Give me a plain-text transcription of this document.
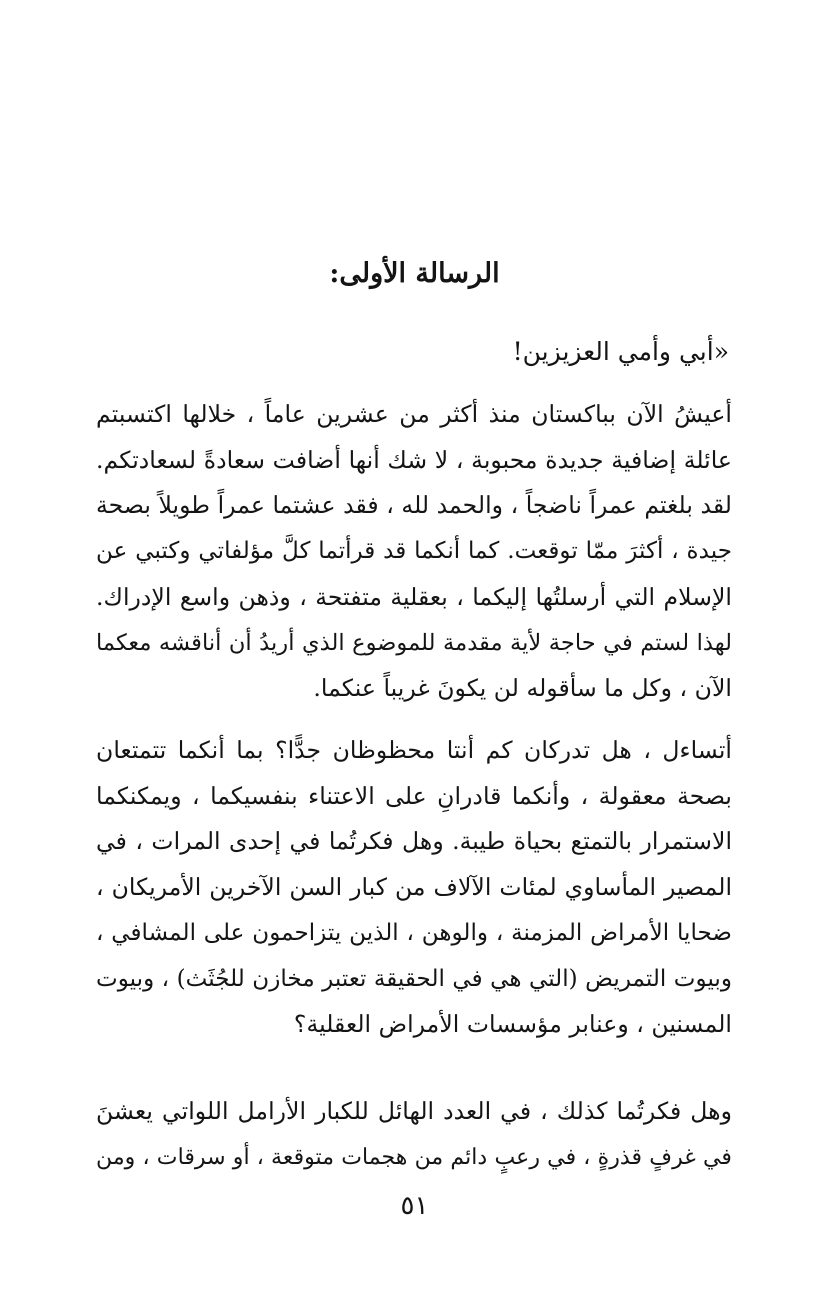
الرسالة الأولى:

«أبي وأمي العزيزين!

أعيشُ الآن بباكستان منذ أكثر من عشرين عاماً ، خلالها اكتسبتم
عائلة إضافية جديدة محبوبة ، لا شك أنها أضافت سعادةً لسعادتكم.
لقد بلغتم عمراً ناضجاً ، والحمد لله ، فقد عشتما عمراً طويلاً بصحة
جيدة ، أكثرَ ممّا توقعت. كما أنكما قد قرأتما كلَّ مؤلفاتي وكتبي عن
الإسلام التي أرسلتُها إليكما ، بعقلية متفتحة ، وذهن واسع الإدراك.
لهذا لستم في حاجة لأية مقدمة للموضوع الذي أريدُ أن أناقشه معكما
الآن ، وكل ما سأقوله لن يكونَ غريباً عنكما.

أتساءل ، هل تدركان كم أنتا محظوظان جدًّا؟ بما أنكما تتمتعان
بصحة معقولة ، وأنكما قادرانِ على الاعتناء بنفسيكما ، ويمكنكما
الاستمرار بالتمتع بحياة طيبة. وهل فكرتُما في إحدى المرات ، في
المصير المأساوي لمئات الآلاف من كبار السن الآخرين الأمريكان ،
ضحايا الأمراض المزمنة ، والوهن ، الذين يتزاحمون على المشافي ،
وبيوت التمريض (التي هي في الحقيقة تعتبر مخازن للجُثَث) ، وبيوت
المسنين ، وعنابر مؤسسات الأمراض العقلية؟

وهل فكرتُما كذلك ، في العدد الهائل للكبار الأرامل اللواتي يعشنَ
في غرفٍ قذرةٍ ، في رعبٍ دائم من هجمات متوقعة ، أو سرقات ، ومن

٥١
